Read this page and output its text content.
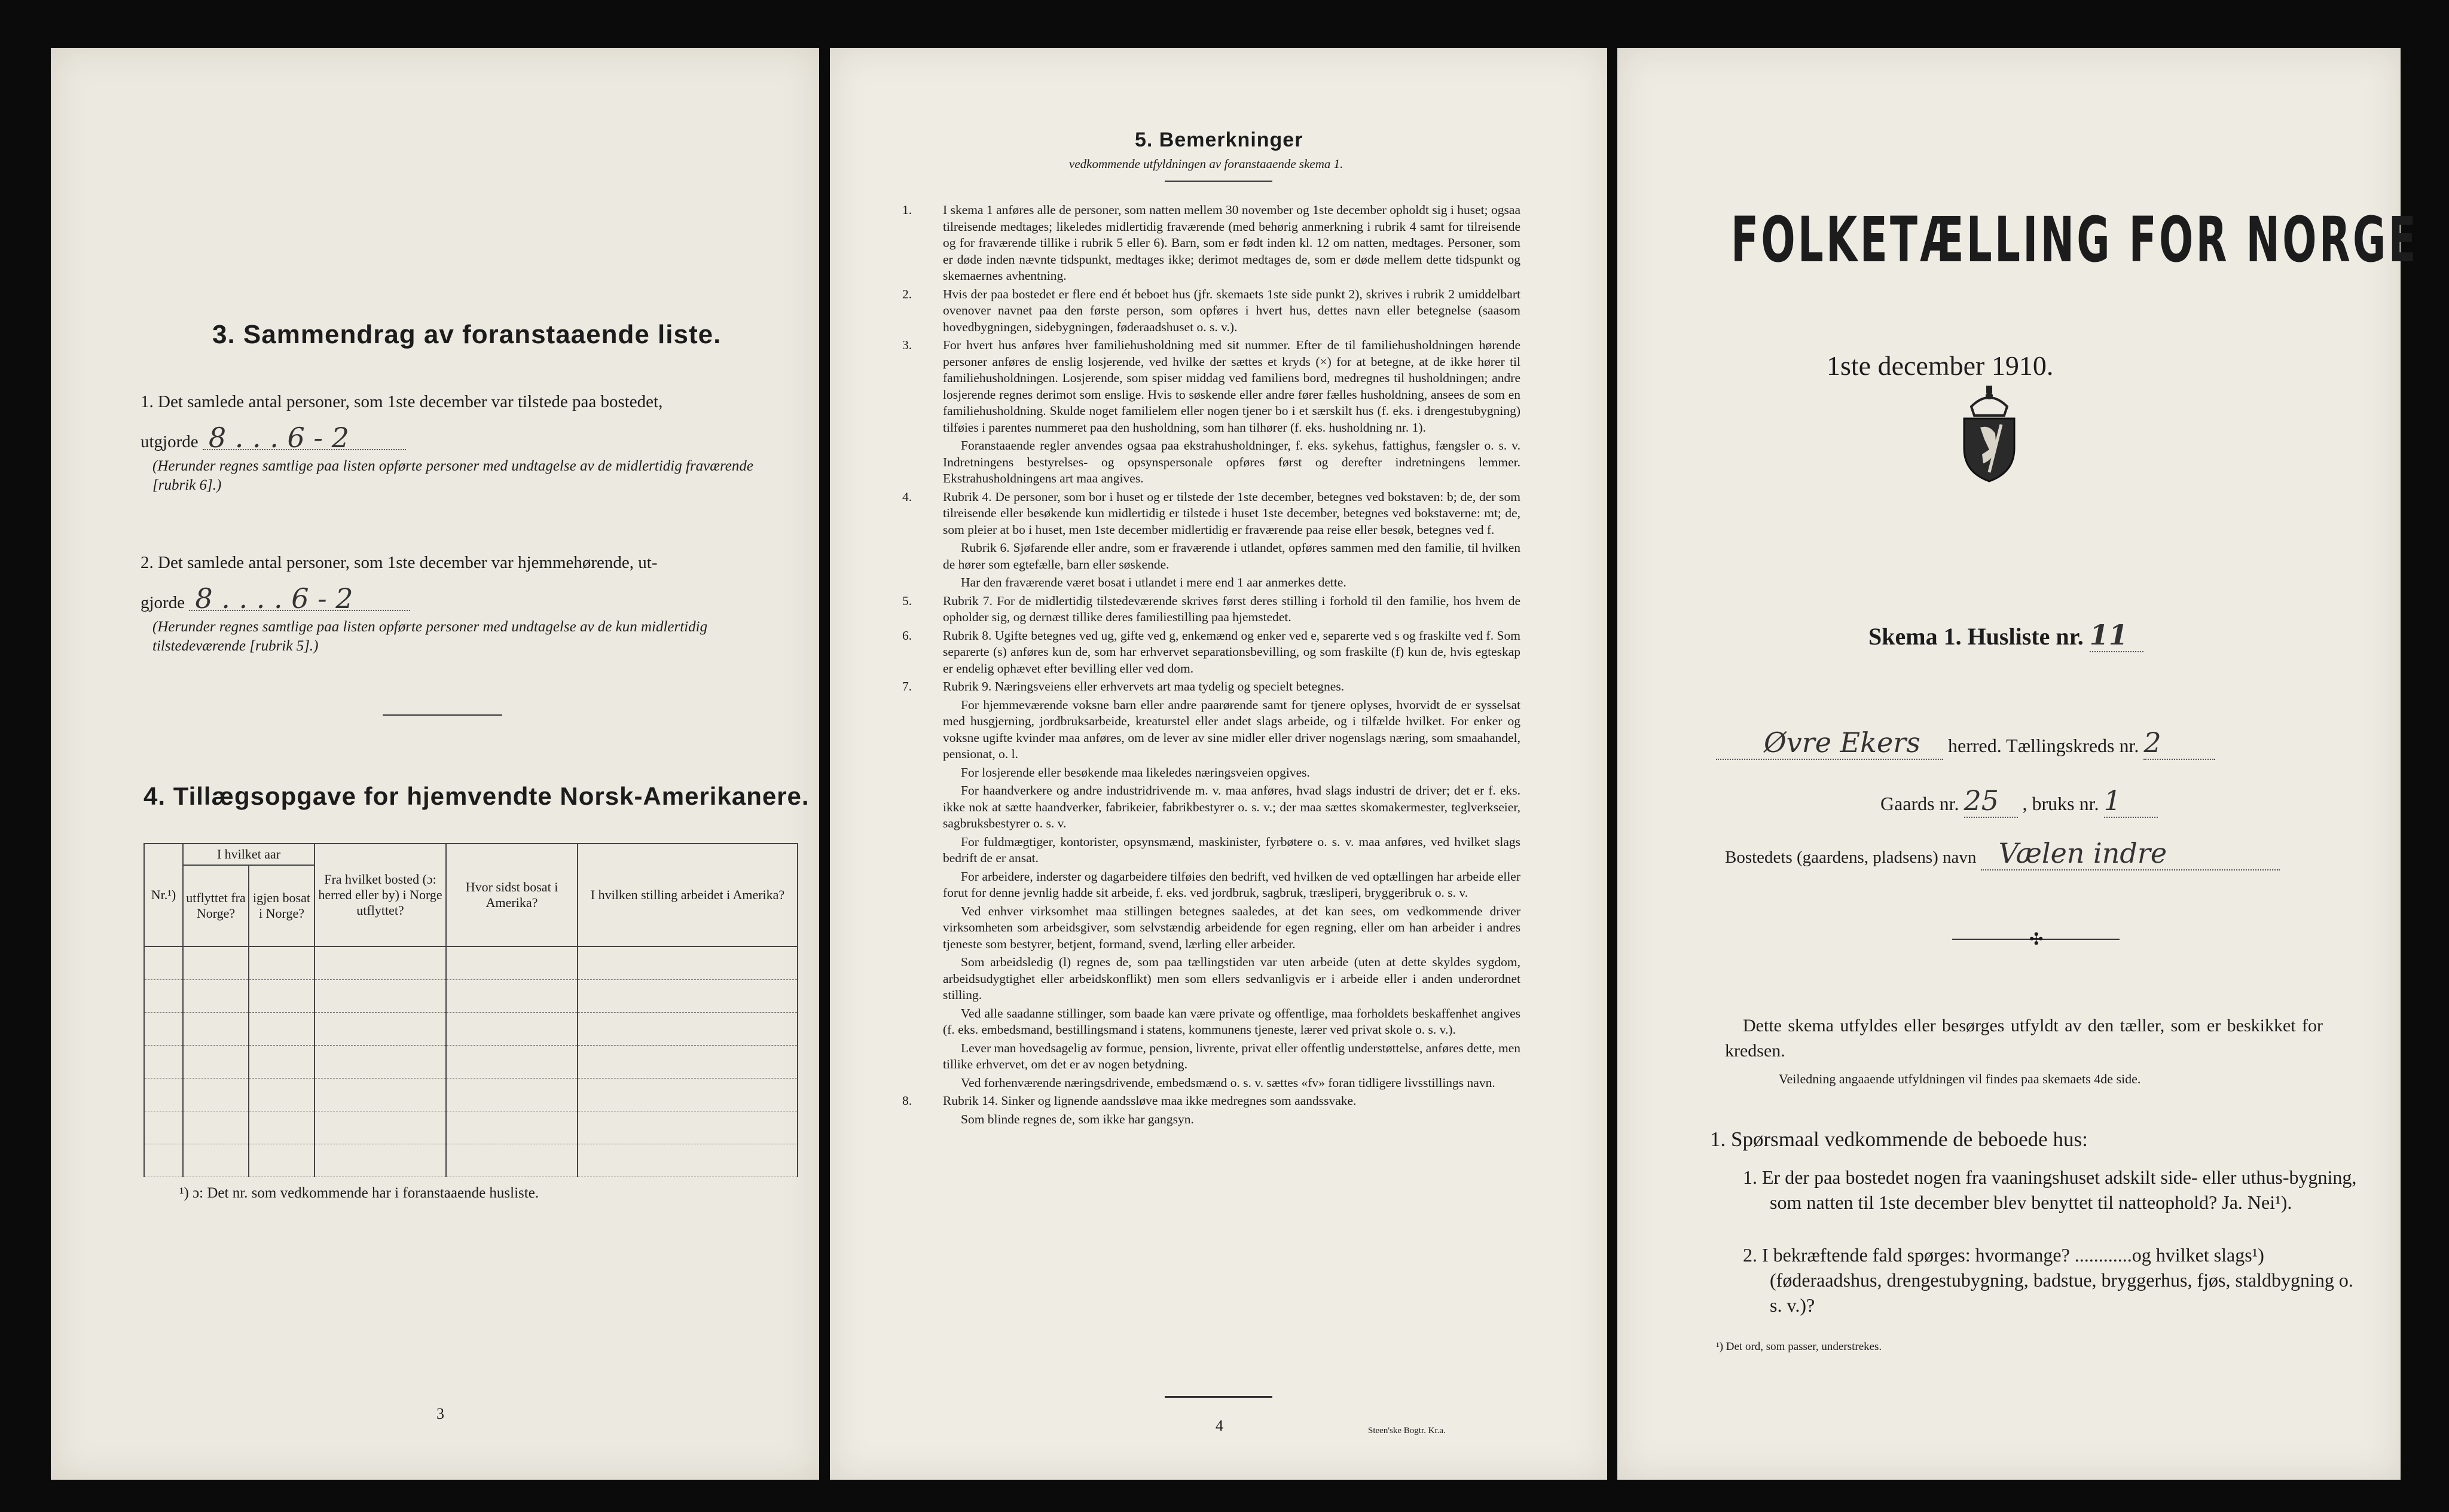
3. Sammendrag av foranstaaende liste.
1. Det samlede antal personer, som 1ste december var tilstede paa bostedet,
utgjorde 8 . . . 6 - 2
(Herunder regnes samtlige paa listen opførte personer med undtagelse av de midlertidig fraværende [rubrik 6].)
2. Det samlede antal personer, som 1ste december var hjemmehørende, ut-
gjorde 8 . . . . 6 - 2
(Herunder regnes samtlige paa listen opførte personer med undtagelse av de kun midlertidig tilstedeværende [rubrik 5].)
4. Tillægsopgave for hjemvendte Norsk-Amerikanere.
Nr.¹)	I hvilket aar		Fra hvilket bosted (ɔ: herred eller by) i Norge utflyttet?	Hvor sidst bosat i Amerika?	I hvilken stilling arbeidet i Amerika?
	utflyttet fra Norge?	igjen bosat i Norge?			

¹) ɔ: Det nr. som vedkommende har i foranstaaende husliste.
3
5. Bemerkninger
vedkommende utfyldningen av foranstaaende skema 1.

1. I skema 1 anføres alle de personer, som natten mellem 30 november og 1ste december opholdt sig i huset; ogsaa tilreisende medtages; likeledes midlertidig fraværende (med behørig anmerkning i rubrik 4 samt for tilreisende og for fraværende tillike i rubrik 5 eller 6). Barn, som er født inden kl. 12 om natten, medtages. Personer, som er døde inden nævnte tidspunkt, medtages ikke; derimot medtages de, som er døde mellem dette tidspunkt og skemaernes avhentning.

2. Hvis der paa bostedet er flere end ét beboet hus (jfr. skemaets 1ste side punkt 2), skrives i rubrik 2 umiddelbart ovenover navnet paa den første person, som opføres i hvert hus, dettes navn eller betegnelse (saasom hovedbygningen, sidebygningen, føderaadshuset o. s. v.).

3. For hvert hus anføres hver familiehusholdning med sit nummer. Efter de til familiehusholdningen hørende personer anføres de enslig losjerende, ved hvilke der sættes et kryds (×) for at betegne, at de ikke hører til familiehusholdningen. Losjerende, som spiser middag ved familiens bord, medregnes til husholdningen; andre losjerende regnes derimot som enslige. Hvis to søskende eller andre fører fælles husholdning, ansees de som en familiehusholdning. Skulde noget familielem eller nogen tjener bo i et særskilt hus (f. eks. i drengestubygning) tilføies i parentes nummeret paa den husholdning, som han tilhører (f. eks. husholdning nr. 1).

Foranstaaende regler anvendes ogsaa paa ekstrahusholdninger, f. eks. sykehus, fattighus, fængsler o. s. v. Indretningens bestyrelses- og opsynspersonale opføres først og derefter indretningens lemmer. Ekstrahusholdningens art maa angives.

4. Rubrik 4. De personer, som bor i huset og er tilstede der 1ste december, betegnes ved bokstaven: b; de, der som tilreisende eller besøkende kun midlertidig er tilstede i huset 1ste december, betegnes ved bokstaverne: mt; de, som pleier at bo i huset, men 1ste december midlertidig er fraværende paa reise eller besøk, betegnes ved f.

Rubrik 6. Sjøfarende eller andre, som er fraværende i utlandet, opføres sammen med den familie, til hvilken de hører som egtefælle, barn eller søskende.

Har den fraværende været bosat i utlandet i mere end 1 aar anmerkes dette.

5. Rubrik 7. For de midlertidig tilstedeværende skrives først deres stilling i forhold til den familie, hos hvem de opholder sig, og dernæst tillike deres familiestilling paa hjemstedet.

6. Rubrik 8. Ugifte betegnes ved ug, gifte ved g, enkemænd og enker ved e, separerte ved s og fraskilte ved f. Som separerte (s) anføres kun de, som har erhvervet separationsbevilling, og som fraskilte (f) kun de, hvis egteskap er endelig ophævet efter bevilling eller ved dom.

7. Rubrik 9. Næringsveiens eller erhvervets art maa tydelig og specielt betegnes.

For hjemmeværende voksne barn eller andre paarørende samt for tjenere oplyses, hvorvidt de er sysselsat med husgjerning, jordbruksarbeide, kreaturstel eller andet slags arbeide, og i tilfælde hvilket. For enker og voksne ugifte kvinder maa anføres, om de lever av sine midler eller driver nogenslags næring, som smaahandel, pensionat, o. l.

For losjerende eller besøkende maa likeledes næringsveien opgives.

For haandverkere og andre industridrivende m. v. maa anføres, hvad slags industri de driver; det er f. eks. ikke nok at sætte haandverker, fabrikeier, fabrikbestyrer o. s. v.; der maa sættes skomakermester, teglverkseier, sagbruksbestyrer o. s. v.

For fuldmægtiger, kontorister, opsynsmænd, maskinister, fyrbøtere o. s. v. maa anføres, ved hvilket slags bedrift de er ansat.

For arbeidere, inderster og dagarbeidere tilføies den bedrift, ved hvilken de ved optællingen har arbeide eller forut for denne jevnlig hadde sit arbeide, f. eks. ved jordbruk, sagbruk, træsliperi, bryggeribruk o. s. v.

Ved enhver virksomhet maa stillingen betegnes saaledes, at det kan sees, om vedkommende driver virksomheten som arbeidsgiver, som selvstændig arbeidende for egen regning, eller om han arbeider i andres tjeneste som bestyrer, betjent, formand, svend, lærling eller arbeider.

Som arbeidsledig (l) regnes de, som paa tællingstiden var uten arbeide (uten at dette skyldes sygdom, arbeidsudygtighet eller arbeidskonflikt) men som ellers sedvanligvis er i arbeide eller i anden underordnet stilling.

Ved alle saadanne stillinger, som baade kan være private og offentlige, maa forholdets beskaffenhet angives (f. eks. embedsmand, bestillingsmand i statens, kommunens tjeneste, lærer ved privat skole o. s. v.).

Lever man hovedsagelig av formue, pension, livrente, privat eller offentlig understøttelse, anføres dette, men tillike erhvervet, om det er av nogen betydning.

Ved forhenværende næringsdrivende, embedsmænd o. s. v. sættes «fv» foran tidligere livsstillings navn.

8. Rubrik 14. Sinker og lignende aandssløve maa ikke medregnes som aandssvake.

Som blinde regnes de, som ikke har gangsyn.

4	Steen'ske Bogtr. Kr.a.
FOLKETÆLLING FOR NORGE
1ste december 1910.
Skema 1. Husliste nr. 11
Øvre Ekers herred. Tællingskreds nr. 2
Gaards nr. 25 , bruks nr. 1
Bostedets (gaardens, pladsens) navn Vælen indre
✣
Dette skema utfyldes eller besørges utfyldt av den tæller, som er beskikket for kredsen.
Veiledning angaaende utfyldningen vil findes paa skemaets 4de side.
1. Spørsmaal vedkommende de beboede hus:
1. Er der paa bostedet nogen fra vaaningshuset adskilt side- eller uthus-bygning, som natten til 1ste december blev benyttet til natteophold? Ja. Nei¹).
2. I bekræftende fald spørges: hvormange? ............og hvilket slags¹) (føderaadshus, drengestubygning, badstue, bryggerhus, fjøs, staldbygning o. s. v.)?
¹) Det ord, som passer, understrekes.
